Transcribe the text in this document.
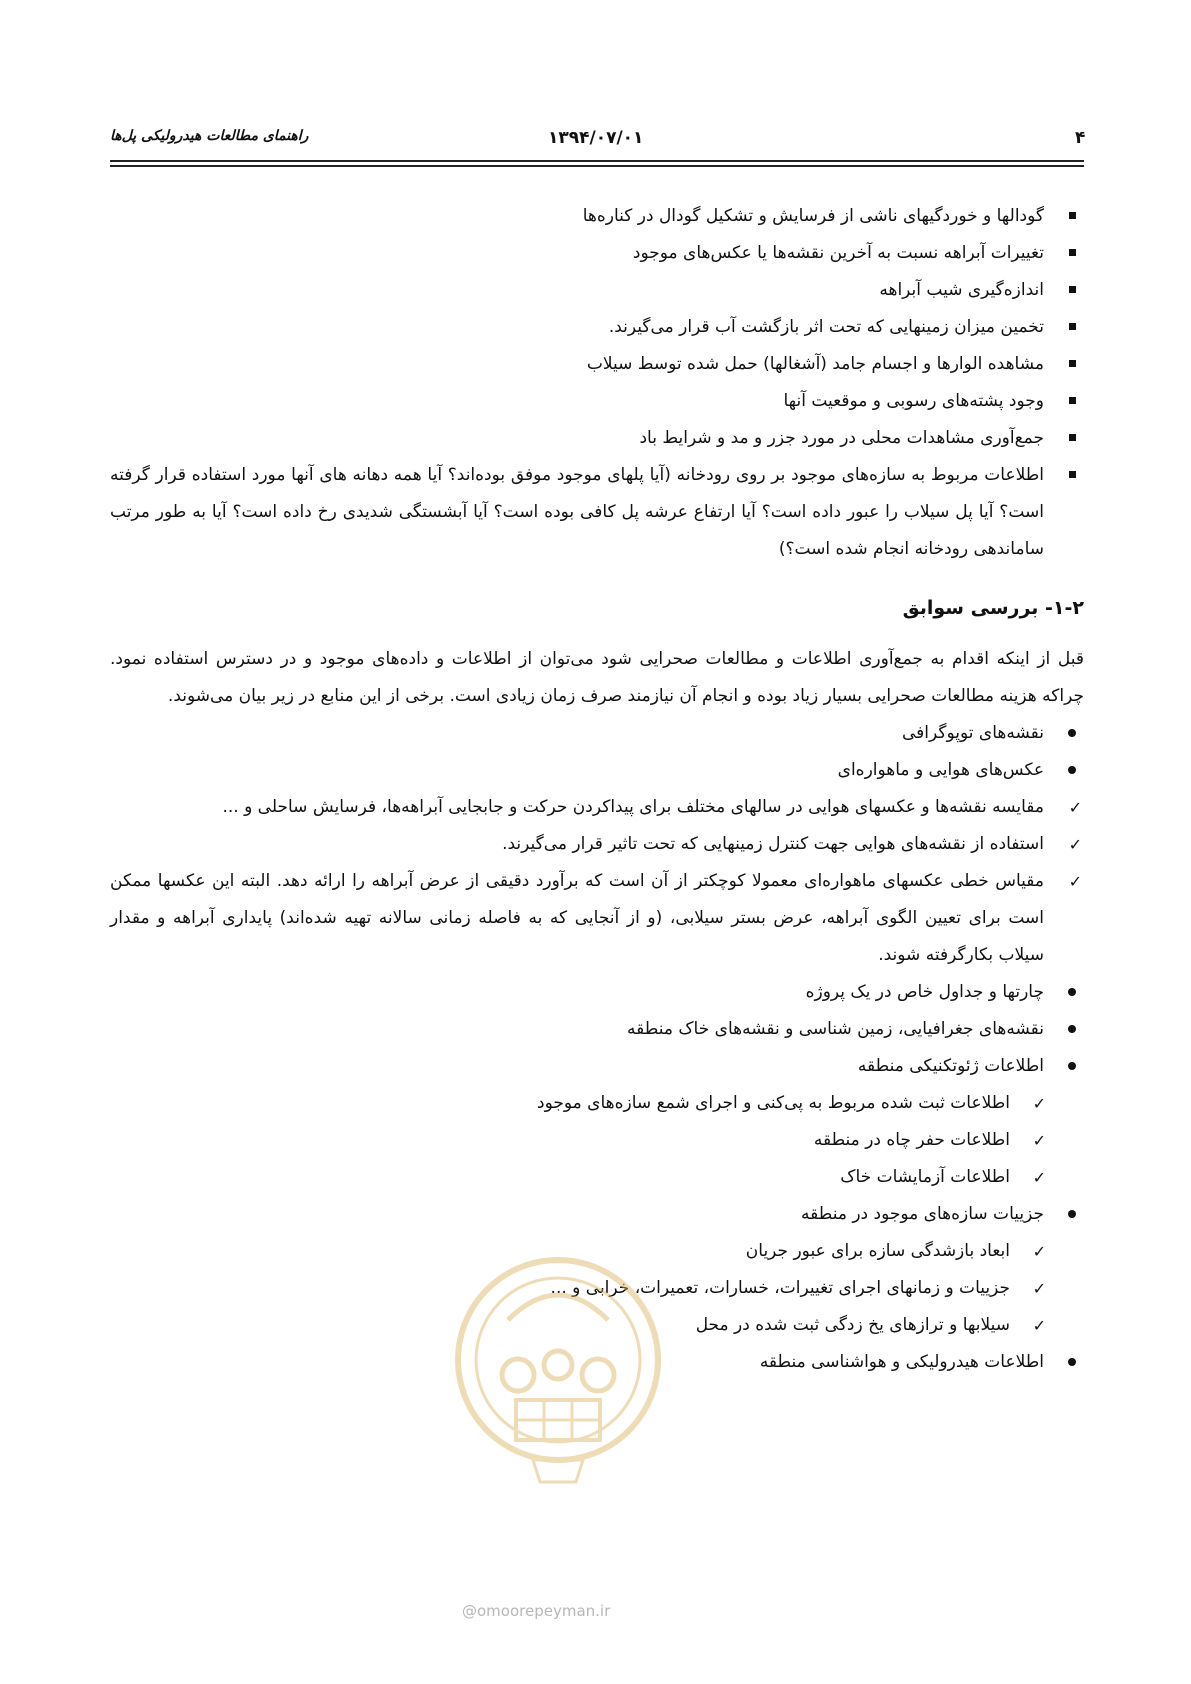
راهنمای مطالعات هیدرولیکی پل‌ها	۱۳۹۴/۰۷/۰۱	۴
گودالها و خوردگیهای ناشی از فرسایش و تشکیل گودال در کناره‌ها
تغییرات آبراهه نسبت به آخرین نقشه‌ها یا عکس‌های موجود
اندازه‌گیری شیب آبراهه
تخمین میزان زمینهایی که تحت اثر بازگشت آب قرار می‌گیرند.
مشاهده الوارها و اجسام جامد (آشغالها) حمل شده توسط سیلاب
وجود پشته‌های رسوبی و موقعیت آنها
جمع‌آوری مشاهدات محلی در مورد جزر و مد و شرایط باد
اطلاعات مربوط به سازه‌های موجود بر روی رودخانه (آیا پلهای موجود موفق بوده‌اند؟ آیا همه دهانه های آنها مورد استفاده قرار گرفته است؟ آیا پل سیلاب را عبور داده است؟ آیا ارتفاع عرشه پل کافی بوده است؟ آیا آبشستگی شدیدی رخ داده است؟ آیا به طور مرتب ساماندهی رودخانه انجام شده است؟)
۱-۲- بررسی سوابق

قبل از اینکه اقدام به جمع‌آوری اطلاعات و مطالعات صحرایی شود می‌توان از اطلاعات و داده‌های موجود و در دسترس استفاده نمود. چراکه هزینه مطالعات صحرایی بسیار زیاد بوده و انجام آن نیازمند صرف زمان زیادی است. برخی از این منابع در زیر بیان می‌شوند.

نقشه‌های توپوگرافی
عکس‌های هوایی و ماهواره‌ای
✓
مقایسه نقشه‌ها و عکسهای هوایی در سالهای مختلف برای پیداکردن حرکت و جابجایی آبراهه‌ها، فرسایش ساحلی و ...
✓
استفاده از نقشه‌های هوایی جهت کنترل زمینهایی که تحت تاثیر قرار می‌گیرند.
✓
مقیاس خطی عکسهای ماهواره‌ای معمولا کوچکتر از آن است که برآورد دقیقی از عرض آبراهه را ارائه دهد. البته این عکسها ممکن است برای تعیین الگوی آبراهه، عرض بستر سیلابی، (و از آنجایی که به فاصله زمانی سالانه تهیه شده‌اند) پایداری آبراهه و مقدار سیلاب بکارگرفته شوند.
چارتها و جداول خاص در یک پروژه
نقشه‌های جغرافیایی، زمین شناسی و نقشه‌های خاک منطقه
اطلاعات ژئوتکنیکی منطقه
✓
اطلاعات ثبت شده مربوط به پی‌کنی و اجرای شمع سازه‌های موجود
✓
اطلاعات حفر چاه در منطقه
✓
اطلاعات آزمایشات خاک
جزییات سازه‌های موجود در منطقه
✓
ابعاد بازشدگی سازه برای عبور جریان
✓
جزییات و زمانهای اجرای تغییرات، خسارات، تعمیرات، خرابی و ...
✓
سیلابها و ترازهای یخ زدگی ثبت شده در محل
اطلاعات هیدرولیکی و هواشناسی منطقه
@omoorepeyman.ir
